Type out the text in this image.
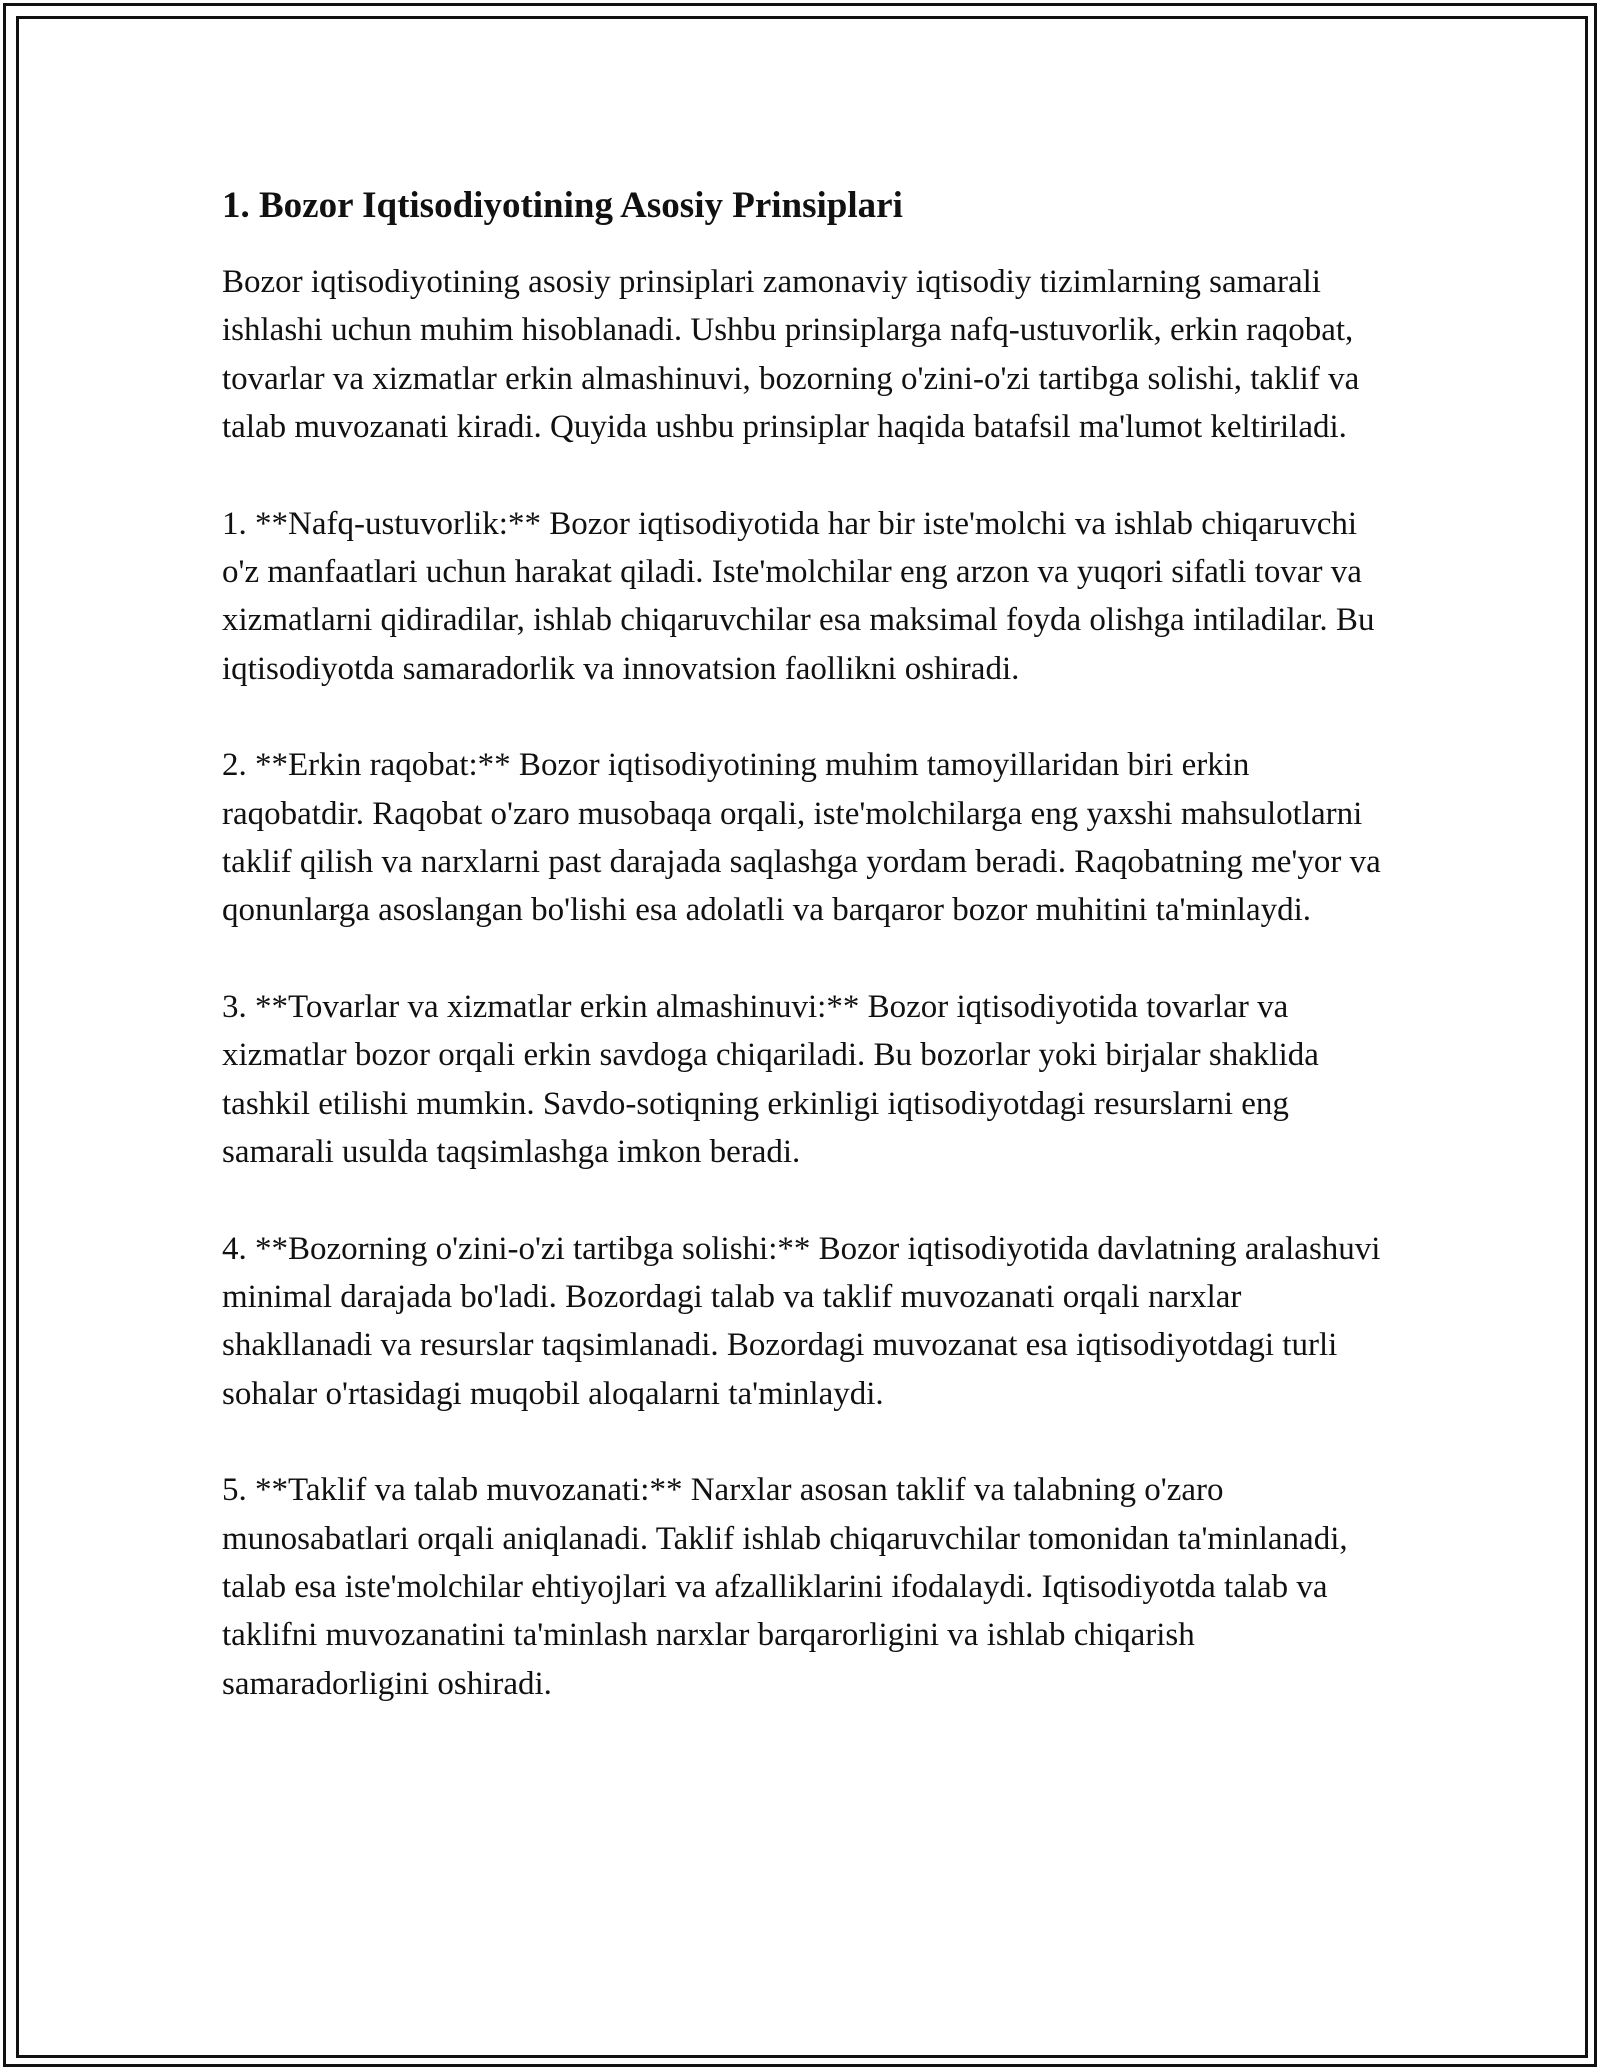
1. Bozor Iqtisodiyotining Asosiy Prinsiplari

Bozor iqtisodiyotining asosiy prinsiplari zamonaviy iqtisodiy tizimlarning samarali ishlashi uchun muhim hisoblanadi. Ushbu prinsiplarga nafq-ustuvorlik, erkin raqobat, tovarlar va xizmatlar erkin almashinuvi, bozorning o'zini-o'zi tartibga solishi, taklif va talab muvozanati kiradi. Quyida ushbu prinsiplar haqida batafsil ma'lumot keltiriladi.

1. **Nafq-ustuvorlik:** Bozor iqtisodiyotida har bir iste'molchi va ishlab chiqaruvchi o'z manfaatlari uchun harakat qiladi. Iste'molchilar eng arzon va yuqori sifatli tovar va xizmatlarni qidiradilar, ishlab chiqaruvchilar esa maksimal foyda olishga intiladilar. Bu iqtisodiyotda samaradorlik va innovatsion faollikni oshiradi.

2. **Erkin raqobat:** Bozor iqtisodiyotining muhim tamoyillaridan biri erkin raqobatdir. Raqobat o'zaro musobaqa orqali, iste'molchilarga eng yaxshi mahsulotlarni taklif qilish va narxlarni past darajada saqlashga yordam beradi. Raqobatning me'yor va qonunlarga asoslangan bo'lishi esa adolatli va barqaror bozor muhitini ta'minlaydi.

3. **Tovarlar va xizmatlar erkin almashinuvi:** Bozor iqtisodiyotida tovarlar va xizmatlar bozor orqali erkin savdoga chiqariladi. Bu bozorlar yoki birjalar shaklida tashkil etilishi mumkin. Savdo-sotiqning erkinligi iqtisodiyotdagi resurslarni eng samarali usulda taqsimlashga imkon beradi.

4. **Bozorning o'zini-o'zi tartibga solishi:** Bozor iqtisodiyotida davlatning aralashuvi minimal darajada bo'ladi. Bozordagi talab va taklif muvozanati orqali narxlar shakllanadi va resurslar taqsimlanadi. Bozordagi muvozanat esa iqtisodiyotdagi turli sohalar o'rtasidagi muqobil aloqalarni ta'minlaydi.

5. **Taklif va talab muvozanati:** Narxlar asosan taklif va talabning o'zaro munosabatlari orqali aniqlanadi. Taklif ishlab chiqaruvchilar tomonidan ta'minlanadi, talab esa iste'molchilar ehtiyojlari va afzalliklarini ifodalaydi. Iqtisodiyotda talab va taklifni muvozanatini ta'minlash narxlar barqarorligini va ishlab chiqarish samaradorligini oshiradi.
